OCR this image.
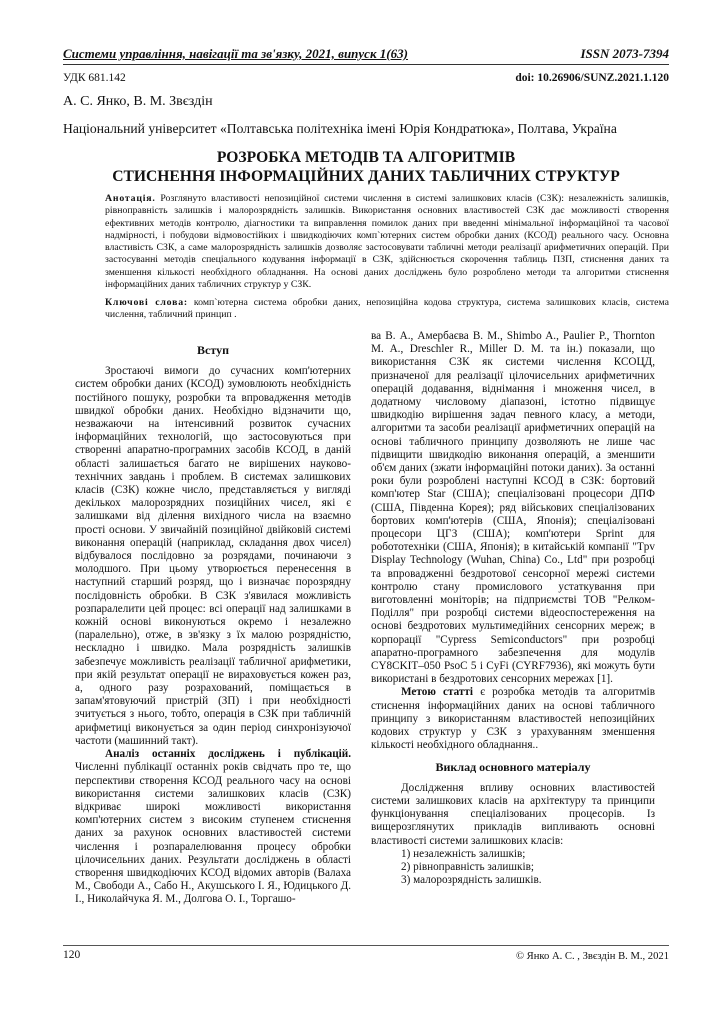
Системи управління, навігації та зв'язку, 2021, випуск 1(63)	ISSN 2073-7394
УДК 681.142	doi: 10.26906/SUNZ.2021.1.120
А. С. Янко, В. М. Звєздін
Національний університет «Полтавська політехніка імені Юрія Кондратюка», Полтава, Україна
РОЗРОБКА МЕТОДІВ ТА АЛГОРИТМІВ
СТИСНЕННЯ ІНФОРМАЦІЙНИХ ДАНИХ ТАБЛИЧНИХ СТРУКТУР
Анотація. Розглянуто властивості непозиційної системи числення в системі залишкових класів (СЗК): незалежність залишків, рівноправність залишків і малорозрядність залишків. Використання основних властивостей СЗК дає можливості створення ефективних методів контролю, діагностики та виправлення помилок даних при введенні мінімальної інформаційної та часової надмірності, і побудови відмовостійких і швидкодіючих комп`ютерних систем обробки даних (КСОД) реального часу. Основна властивість СЗК, а саме малорозрядність залишків дозволяє застосовувати табличні методи реалізації арифметичних операцій. При застосуванні методів спеціального кодування інформації в СЗК, здійснюється скорочення таблиць ПЗП, стиснення даних та зменшення кількості необхідного обладнання. На основі даних досліджень було розроблено методи та алгоритми стиснення інформаційних даних табличних структур у СЗК.
Ключові слова: комп`ютерна система обробки даних, непозиційна кодова структура, система залишкових класів, система числення, табличний принцип .
Вступ

Зростаючі вимоги до сучасних комп'ютерних систем обробки даних (КСОД) зумовлюють необхідність постійного пошуку, розробки та впровадження методів швидкої обробки даних. Необхідно відзначити що, незважаючи на інтенсивний розвиток сучасних інформаційних технологій, що застосовуються при створенні апаратно-програмних засобів КСОД, в даній області залишається багато не вирішених науково-технічних завдань і проблем. В системах залишкових класів (СЗК) кожне число, представляється у вигляді декількох малорозрядних позиційних чисел, які є залишками від ділення вихідного числа на взаємно прості основи. У звичайній позиційної двійковій системі виконання операцій (наприклад, складання двох чисел) відбувалося послідовно за розрядами, починаючи з молодшого. При цьому утворюється перенесення в наступний старший розряд, що і визначає порозрядну послідовність обробки. В СЗК з'явилася можливість розпаралелити цей процес: всі операції над залишками в кожній основі виконуються окремо і незалежно (паралельно), отже, в зв'язку з їх малою розрядністю, нескладно і швидко. Мала розрядність залишків забезпечує можливість реалізації табличної арифметики, при якій результат операції не вираховується кожен раз, а, одного разу розрахований, поміщається в запам'ятовуючий пристрій (ЗП) і при необхідності зчитується з нього, тобто, операція в СЗК при табличній арифметиці виконується за один період синхронізуючої частоти (машинний такт).

Аналіз останніх досліджень і публікацій. Численні публікації останніх років свідчать про те, що перспективи створення КСОД реального часу на основі використання системи залишкових класів (СЗК) відкриває широкі можливості використання комп'ютерних систем з високим ступенем стиснення даних за рахунок основних властивостей системи числення і розпаралелювання процесу обробки цілочисельних даних. Результати досліджень в області створення швидкодіючих КСОД відомих авторів (Валаха М., Свободи А., Сабо Н., Акушського І. Я., Юдицького Д. І., Николайчука Я. М., Долгова О. І., Торгашо-

ва В. А., Амербаєва В. М., Shimbo A., Paulier P., Thornton M. A., Dreschler R., Miller D. M. та ін.) показали, що використання СЗК як системи числення КСОЦД, призначеної для реалізації цілочисельних арифметичних операцій додавання, віднімання і множення чисел, в додатному числовому діапазоні, істотно підвищує швидкодію вирішення задач певного класу, а методи, алгоритми та засоби реалізації арифметичних операцій на основі табличного принципу дозволяють не лише час підвищити швидкодію виконання операцій, а зменшити об'єм даних (зжати інформаційні потоки даних). За останні роки були розроблені наступні КСОД в СЗК: бортовий комп'ютер Star (США); спеціалізовані процесори ДПФ (США, Південна Корея); ряд військових спеціалізованих бортових комп'ютерів (США, Японія); спеціалізовані процесори ЦГЗ (США); комп'ютери Sprint для робототехніки (США, Японія); в китайській компанії "Tpv Display Technology (Wuhan, China) Co., Ltd" при розробці та впровадженні бездротової сенсорної мережі системи контролю стану промислового устаткування при виготовленні моніторів; на підприємстві ТОВ "Релком-Поділля" при розробці системи відеоспостереження на основі бездротових мультимедійних сенсорних мереж; в корпорації "Cypress Semiconductors" при розробці апаратно-програмного забезпечення для модулів CY8CKIT–050 PsoC 5 і CyFi (CYRF7936), які можуть бути використані в бездротових сенсорних мережах [1].

Метою статті є розробка методів та алгоритмів стиснення інформаційних даних на основі табличного принципу з використанням властивостей непозиційних кодових структур у СЗК з урахуванням зменшення кількості необхідного обладнання..

Виклад основного матеріалу

Дослідження впливу основних властивостей системи залишкових класів на архітектуру та принципи функціонування спеціалізованих процесорів. Із вищерозглянутих прикладів випливають основні властивості системи залишкових класів:

1) незалежність залишків;
2) рівноправність залишків;
3) малорозрядність залишків.
120	© Янко А. С. , Звєздін В. М., 2021
